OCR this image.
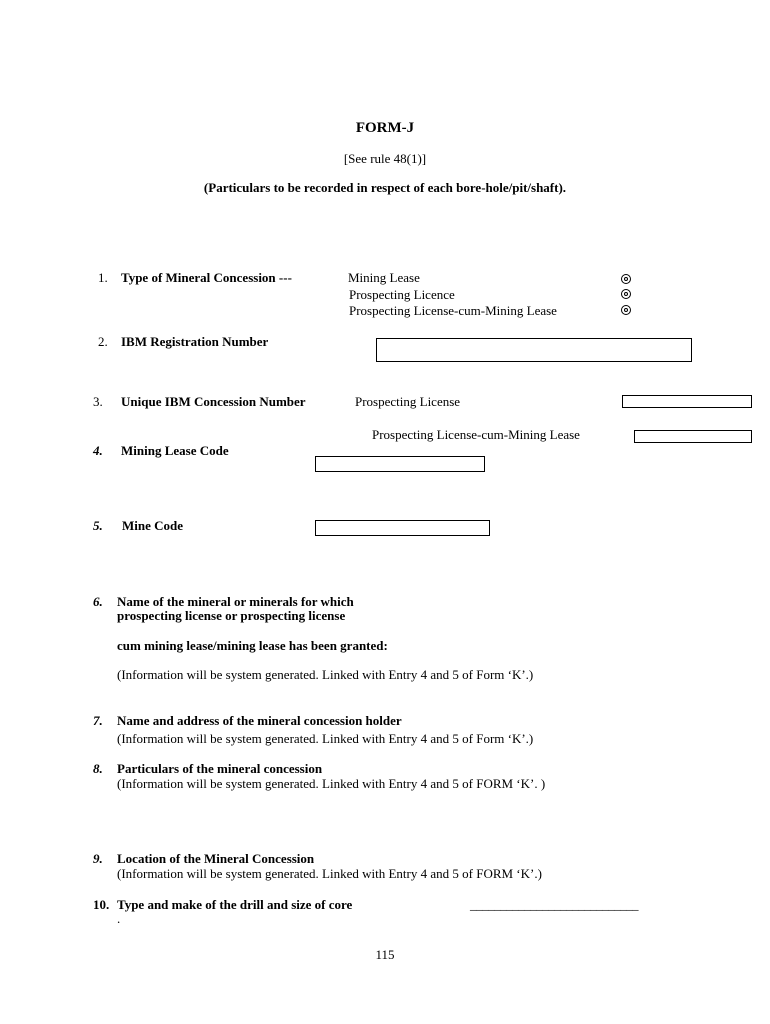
FORM-J
[See rule 48(1)]
(Particulars to be recorded in respect of each bore-hole/pit/shaft).
1. Type of Mineral Concession ---	Mining Lease
Prospecting Licence
Prospecting License-cum-Mining Lease
2. IBM Registration Number
3. Unique IBM Concession Number	Prospecting License
Prospecting License-cum-Mining Lease
4. Mining Lease Code
5. Mine Code
6. Name of the mineral or minerals for which
prospecting license or prospecting license
cum mining lease/mining lease has been granted:
(Information will be system generated. Linked with Entry 4 and 5 of Form ‘K’.)
7. Name and address of the mineral concession holder
(Information will be system generated. Linked with Entry 4 and 5 of Form ‘K’.)
8. Particulars of the mineral concession
(Information will be system generated. Linked with Entry 4 and 5 of FORM ‘K’. )
9. Location of the Mineral Concession
(Information will be system generated. Linked with Entry 4 and 5 of FORM ‘K’.)
10. Type and make of the drill and size of core	____________________________
.
115
